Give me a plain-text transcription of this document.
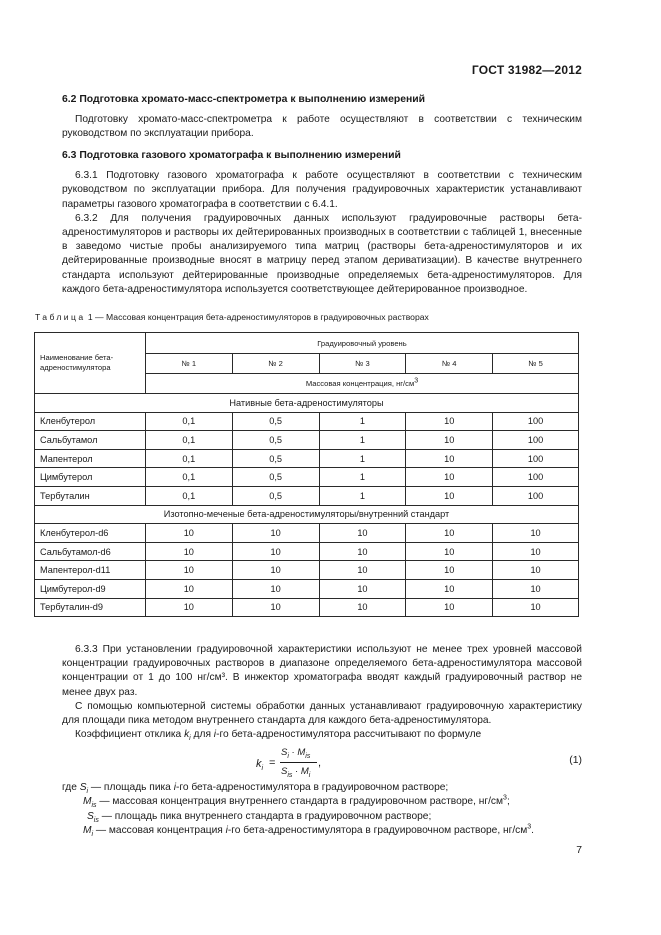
ГОСТ 31982—2012
6.2 Подготовка хромато-масс-спектрометра к выполнению измерений

Подготовку хромато-масс-спектрометра к работе осуществляют в соответствии с техническим руководством по эксплуатации прибора.

6.3 Подготовка газового хроматографа к выполнению измерений

6.3.1 Подготовку газового хроматографа к работе осуществляют в соответствии с техническим руководством по эксплуатации прибора. Для получения градуировочных характеристик устанавливают параметры газового хроматографа в соответствии с 6.4.1.

6.3.2 Для получения градуировочных данных используют градуировочные растворы бета-адреностимуляторов и растворы их дейтерированных производных в соответствии с таблицей 1, внесенные в заведомо чистые пробы анализируемого типа матриц (растворы бета-адреностимуляторов и их дейтерированные производные вносят в матрицу перед этапом дериватизации). В качестве внутреннего стандарта используют дейтерированные производные определяемых бета-адреностимуляторов. Для каждого бета-адреностимулятора используется соответствующее дейтерированное производное.

Таблица 1 — Массовая концентрация бета-адреностимуляторов в градуировочных растворах
Наименование бета-адреностимулятора	Градуировочный уровень				
	№ 1	№ 2	№ 3	№ 4	№ 5
	Массовая концентрация, $нг/см^3$
Нативные бета-адреностимуляторы					
Кленбутерол	0,1	0,5	1	10	100
Сальбутамол	0,1	0,5	1	10	100
Мапентерол	0,1	0,5	1	10	100
Цимбутерол	0,1	0,5	1	10	100
Тербуталин	0,1	0,5	1	10	100
Изотопно-меченые бета-адреностимуляторы/внутренний стандарт					
Кленбутерол-d6	10	10	10	10	10
Сальбутамол-d6	10	10	10	10	10
Мапентерол-d11	10	10	10	10	10
Цимбутерол-d9	10	10	10	10	10
Тербуталин-d9	10	10	10	10	10

6.3.3 При установлении градуировочной характеристики используют не менее трех уровней массовой концентрации градуировочных растворов в диапазоне определяемого бета-адреностимулятора массовой концентрации от 1 до 100 нг/см³. В инжектор хроматографа вводят каждый градуировочный раствор не менее двух раз.

С помощью компьютерной системы обработки данных устанавливают градуировочную характеристику для площади пика методом внутреннего стандарта для каждого бета-адреностимулятора.

Коэффициент отклика $k_i$ для i-го бета-адреностимулятора рассчитывают по формуле

$k_i$ =
$S_i \cdot M_{is}$
$S_{is} \cdot M_i$
,	(1)
где $S_i$ — площадь пика i-го бета-адреностимулятора в градуировочном растворе;
$M_{is}$ — массовая концентрация внутреннего стандарта в градуировочном растворе, $нг/см^3$;
$S_{is}$ — площадь пика внутреннего стандарта в градуировочном растворе;
$M_i$ — массовая концентрация i-го бета-адреностимулятора в градуировочном растворе, $нг/см^3$.
7
